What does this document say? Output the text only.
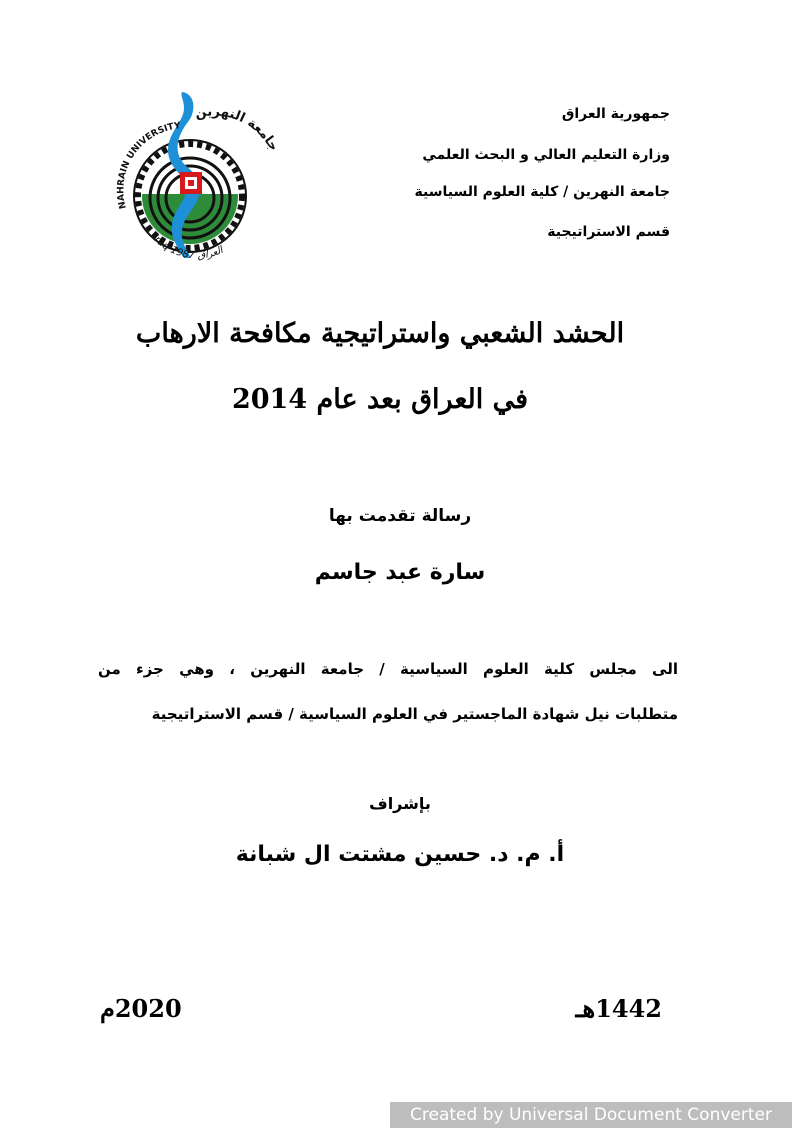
جمهورية العراق
وزارة التعليم العالي و البحث العلمي
جامعة النهرين / كلية العلوم السياسية
قسم الاستراتيجية
NAHRAIN UNIVERSITY
جامعة النهرين
Iraq 1987 العراق
الحشد الشعبي واستراتيجية مكافحة الارهاب
في العراق بعد عام 2014
رسالة تقدمت بها
سارة عبد جاسم
الى مجلس كلية العلوم السياسية / جامعة النهرين ، وهي جزء من
متطلبات نيل شهادة الماجستير في العلوم السياسية / قسم الاستراتيجية
بإشراف
أ. م. د. حسين مشتت ال شبانة
1442هـ
2020م
Created by Universal Document Converter
